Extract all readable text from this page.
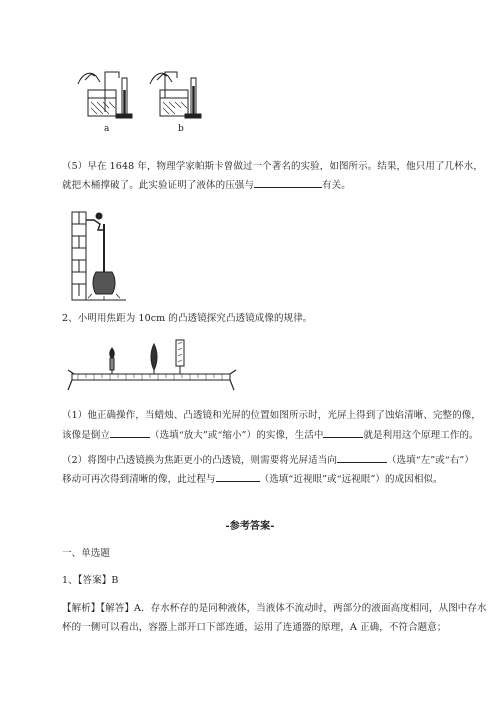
a	b
（5）早在 1648 年，物理学家帕斯卡曾做过一个著名的实验，如图所示。结果，他只用了几杯水，
就把木桶撑破了。此实验证明了液体的压强与	有关。
2、小明用焦距为 10cm 的凸透镜探究凸透镜成像的规律。
（1）他正确操作，当蜡烛、凸透镜和光屏的位置如图所示时，光屏上得到了蚀焰清晰、完整的像，
该像是倒立	（选填“放大”或“缩小”）的实像，生活中	就是利用这个原理工作的。
（2）将图中凸透镜换为焦距更小的凸透镜，则需要将光屏适当向	（选填“左”或“右”）
移动可再次得到清晰的像，此过程与	（选填“近视眼”或“远视眼”）的成因相似。
-参考答案-
一、单选题
1、【答案】B
【解析】【解答】A．存水杯存的是同种液体，当液体不流动时，两部分的液面高度相同，从图中存水
杯的一侧可以看出，容器上部开口下部连通，运用了连通器的原理，A 正确，不符合题意；
